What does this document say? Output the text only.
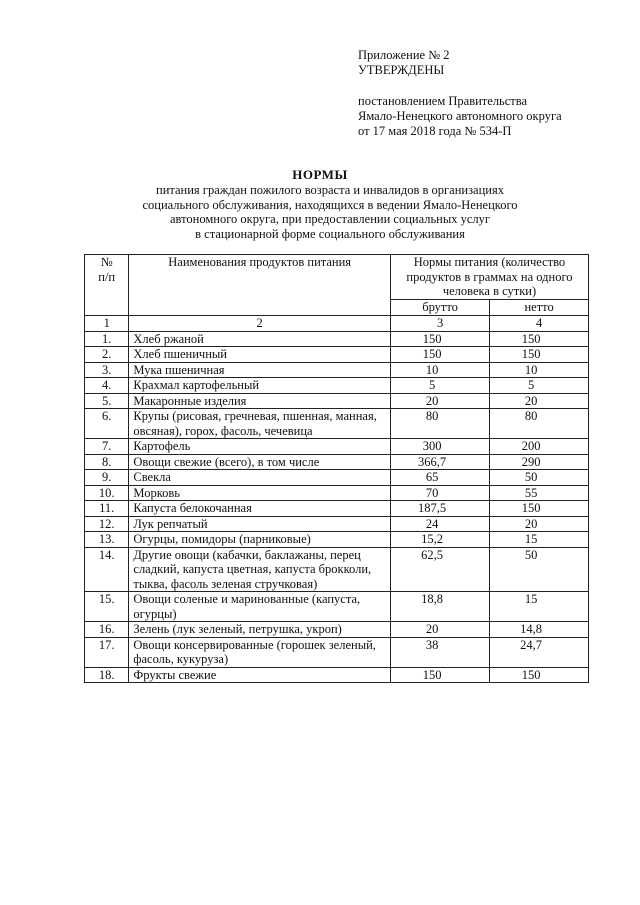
Приложение № 2
УТВЕРЖДЕНЫ
постановлением Правительства
Ямало-Ненецкого автономного округа
от 17 мая 2018 года № 534-П
НОРМЫ
питания граждан пожилого возраста и инвалидов в организациях
социального обслуживания, находящихся в ведении Ямало-Ненецкого
автономного округа, при предоставлении социальных услуг
в стационарной форме социального обслуживания
№
п/п	Наименования продуктов питания	Нормы питания (количество продуктов в граммах на одного человека в сутки)	
		брутто	нетто
1	2	3	4
1.	Хлеб ржаной	150	150
2.	Хлеб пшеничный	150	150
3.	Мука пшеничная	10	10
4.	Крахмал картофельный	5	5
5.	Макаронные изделия	20	20
6.	Крупы (рисовая, гречневая, пшенная, манная, овсяная), горох, фасоль, чечевица	80	80
7.	Картофель	300	200
8.	Овощи свежие (всего), в том числе	366,7	290
9.	Свекла	65	50
10.	Морковь	70	55
11.	Капуста белокочанная	187,5	150
12.	Лук репчатый	24	20
13.	Огурцы, помидоры (парниковые)	15,2	15
14.	Другие овощи (кабачки, баклажаны, перец сладкий, капуста цветная, капуста брокколи, тыква, фасоль зеленая стручковая)	62,5	50
15.	Овощи соленые и маринованные (капуста, огурцы)	18,8	15
16.	Зелень (лук зеленый, петрушка, укроп)	20	14,8
17.	Овощи консервированные (горошек зеленый, фасоль, кукуруза)	38	24,7
18.	Фрукты свежие	150	150
